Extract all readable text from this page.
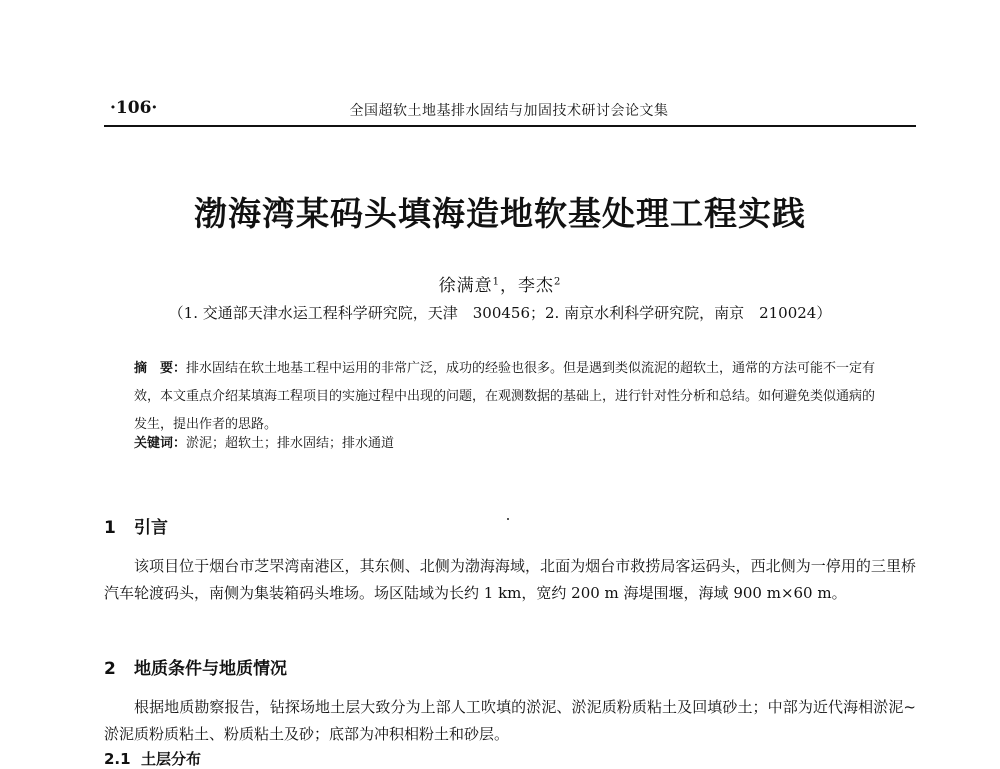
·106·	全国超软土地基排水固结与加固技术研讨会论文集
渤海湾某码头填海造地软基处理工程实践
徐满意$^1$，李杰$^2$
（1. 交通部天津水运工程科学研究院，天津　300456；2. 南京水利科学研究院，南京　210024）
摘　要：排水固结在软土地基工程中运用的非常广泛，成功的经验也很多。但是遇到类似流泥的超软土，通常的方法可能不一定有效，本文重点介绍某填海工程项目的实施过程中出现的问题，在观测数据的基础上，进行针对性分析和总结。如何避免类似通病的发生，提出作者的思路。
关键词：淤泥；超软土；排水固结；排水通道
1 引言
该项目位于烟台市芝罘湾南港区，其东侧、北侧为渤海海域，北面为烟台市救捞局客运码头，西北侧为一停用的三里桥汽车轮渡码头，南侧为集装箱码头堆场。场区陆域为长约 1 km，宽约 200 m 海堤围堰，海域 900 m×60 m。
2 地质条件与地质情况
根据地质勘察报告，钻探场地土层大致分为上部人工吹填的淤泥、淤泥质粉质粘土及回填砂土；中部为近代海相淤泥~淤泥质粉质粘土、粉质粘土及砂；底部为冲积相粉土和砂层。
2.1 土层分布
